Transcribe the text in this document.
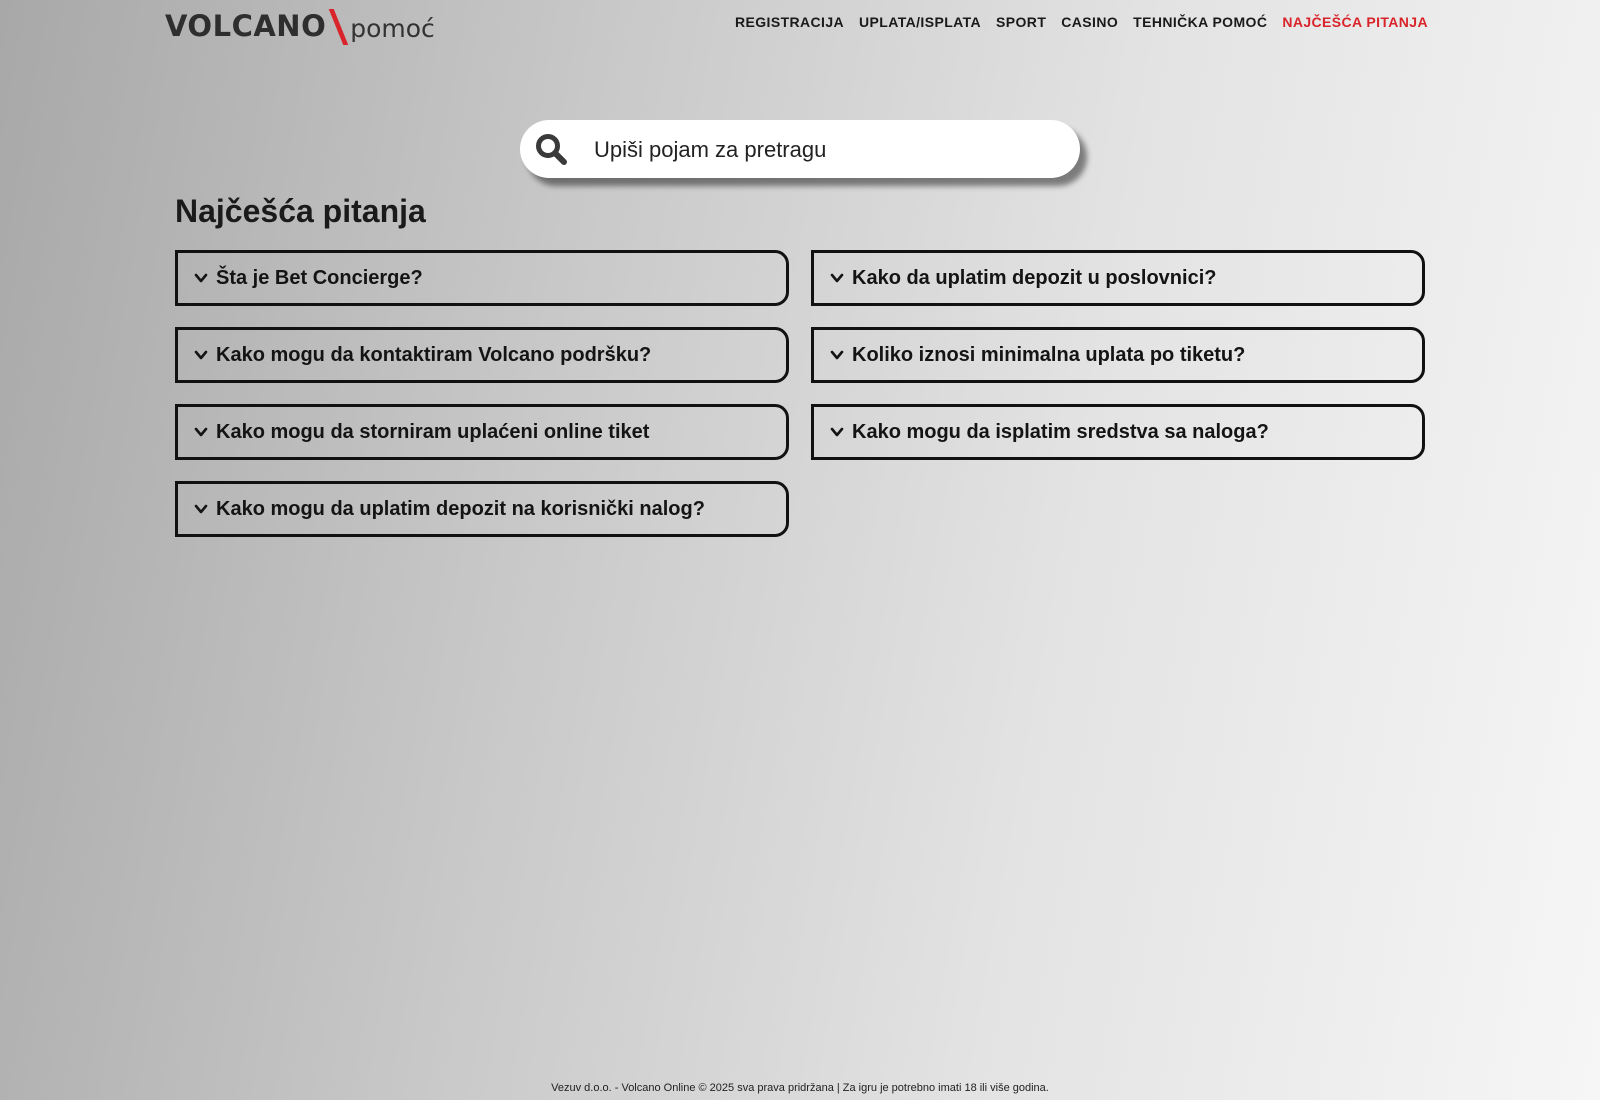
VOLCANO pomoć	REGISTRACIJA UPLATA/ISPLATA SPORT CASINO TEHNIČKA POMOĆ NAJČEŠĆA PITANJA
Upiši pojam za pretragu
Najčešća pitanja
Šta je Bet Concierge?	Kako da uplatim depozit u poslovnici?
Kako mogu da kontaktiram Volcano podršku?	Koliko iznosi minimalna uplata po tiketu?
Kako mogu da storniram uplaćeni online tiket	Kako mogu da isplatim sredstva sa naloga?
Kako mogu da uplatim depozit na korisnički nalog?
Vezuv d.o.o. - Volcano Online © 2025 sva prava pridržana | Za igru je potrebno imati 18 ili više godina.
